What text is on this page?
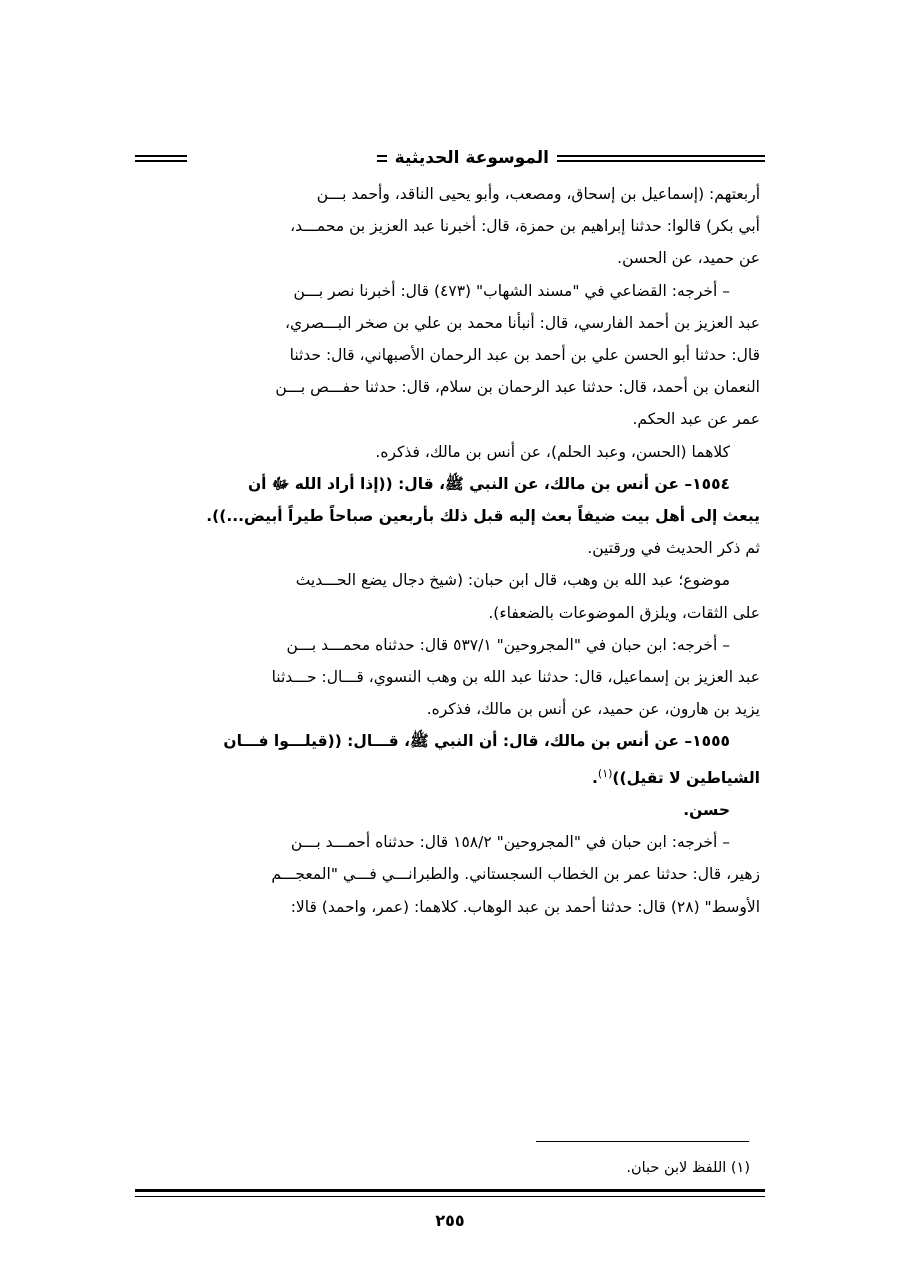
الموسوعة الحديثية

أربعتهم: (إسماعيل بن إسحاق، ومصعب، وأبو يحيى الناقد، وأحمد بـــن

أبي بكر) قالوا: حدثنا إبراهيم بن حمزة، قال: أخبرنا عبد العزيز بن محمـــد،

عن حميد، عن الحسن.

– أخرجه: القضاعي في "مسند الشهاب" (٤٧٣) قال: أخبرنا نصر بـــن

عبد العزيز بن أحمد الفارسي، قال: أنبأنا محمد بن علي بن صخر البـــصري،

قال: حدثنا أبو الحسن علي بن أحمد بن عبد الرحمان الأصبهاني، قال: حدثنا

النعمان بن أحمد، قال: حدثنا عبد الرحمان بن سلام، قال: حدثنا حفـــص بـــن

عمر عن عبد الحكم.

كلاهما (الحسن، وعبد الحلم)، عن أنس بن مالك، فذكره.

١٥٥٤– عن أنس بن مالك، عن النبي ﷺ، قال: ((إذا أراد الله ﷻ أن

يبعث إلى أهل بيت ضيفاً بعث إليه قبل ذلك بأربعين صباحاً طيراً أبيض...)).

ثم ذكر الحديث في ورقتين.

موضوع؛ عبد الله بن وهب، قال ابن حبان: (شيخ دجال يضع الحـــديث

على الثقات، ويلزق الموضوعات بالضعفاء).

– أخرجه: ابن حبان في "المجروحين" ٥٣٧/١ قال: حدثناه محمـــد بـــن

عبد العزيز بن إسماعيل، قال: حدثنا عبد الله بن وهب النسوي، قـــال: حـــدثنا

يزيد بن هارون، عن حميد، عن أنس بن مالك، فذكره.

١٥٥٥– عن أنس بن مالك، قال: أن النبي ﷺ، قـــال: ((قيلـــوا فـــان

الشياطين لا تقيل))$^{(١)}$.

حسن.

– أخرجه: ابن حبان في "المجروحين" ١٥٨/٢ قال: حدثناه أحمـــد بـــن

زهير، قال: حدثنا عمر بن الخطاب السجستاني. والطبرانـــي فـــي "المعجـــم

الأوسط" (٢٨) قال: حدثنا أحمد بن عبد الوهاب. كلاهما: (عمر، واحمد) قالا:

(١) اللفظ لابن حبان.
٢٥٥
